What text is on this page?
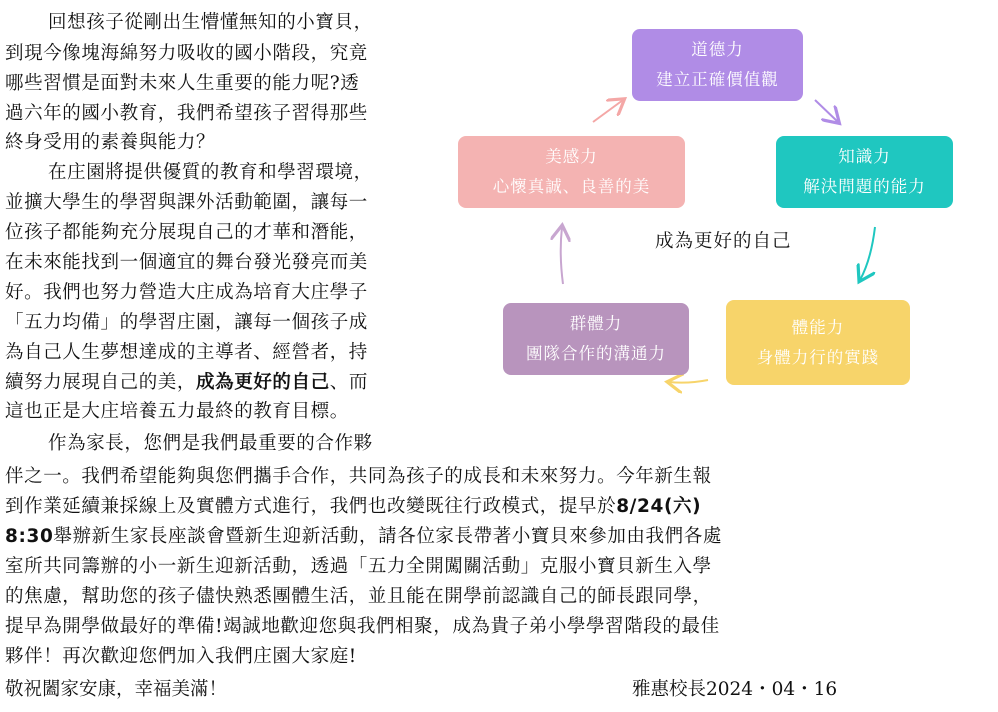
回想孩子從剛出生懵懂無知的小寶貝，
到現今像塊海綿努力吸收的國小階段，究竟
哪些習慣是面對未來人生重要的能力呢?透
過六年的國小教育，我們希望孩子習得那些
終身受用的素養與能力？
在庄園將提供優質的教育和學習環境，
並擴大學生的學習與課外活動範圍，讓每一
位孩子都能夠充分展現自己的才華和潛能，
在未來能找到一個適宜的舞台發光發亮而美
好。我們也努力營造大庄成為培育大庄學子
「五力均備」的學習庄園，讓每一個孩子成
為自己人生夢想達成的主導者、經營者，持
續努力展現自己的美，成為更好的自己、而
這也正是大庄培養五力最終的教育目標。
作為家長，您們是我們最重要的合作夥
伴之一。我們希望能夠與您們攜手合作，共同為孩子的成長和未來努力。今年新生報
到作業延續兼採線上及實體方式進行，我們也改變既往行政模式，提早於8/24(六)
8:30舉辦新生家長座談會暨新生迎新活動，請各位家長帶著小寶貝來參加由我們各處
室所共同籌辦的小一新生迎新活動，透過「五力全開闖關活動」克服小寶貝新生入學
的焦慮，幫助您的孩子儘快熟悉團體生活，並且能在開學前認識自己的師長跟同學，
提早為開學做最好的準備!竭誠地歡迎您與我們相聚，成為貴子弟小學學習階段的最佳
夥伴！再次歡迎您們加入我們庄園大家庭!
敬祝闔家安康，幸福美滿！	雅惠校長2024・04・16
道德力
建立正確價值觀
知識力
解決問題的能力
體能力
身體力行的實踐
群體力
團隊合作的溝通力
美感力
心懷真誠、良善的美
成為更好的自己
